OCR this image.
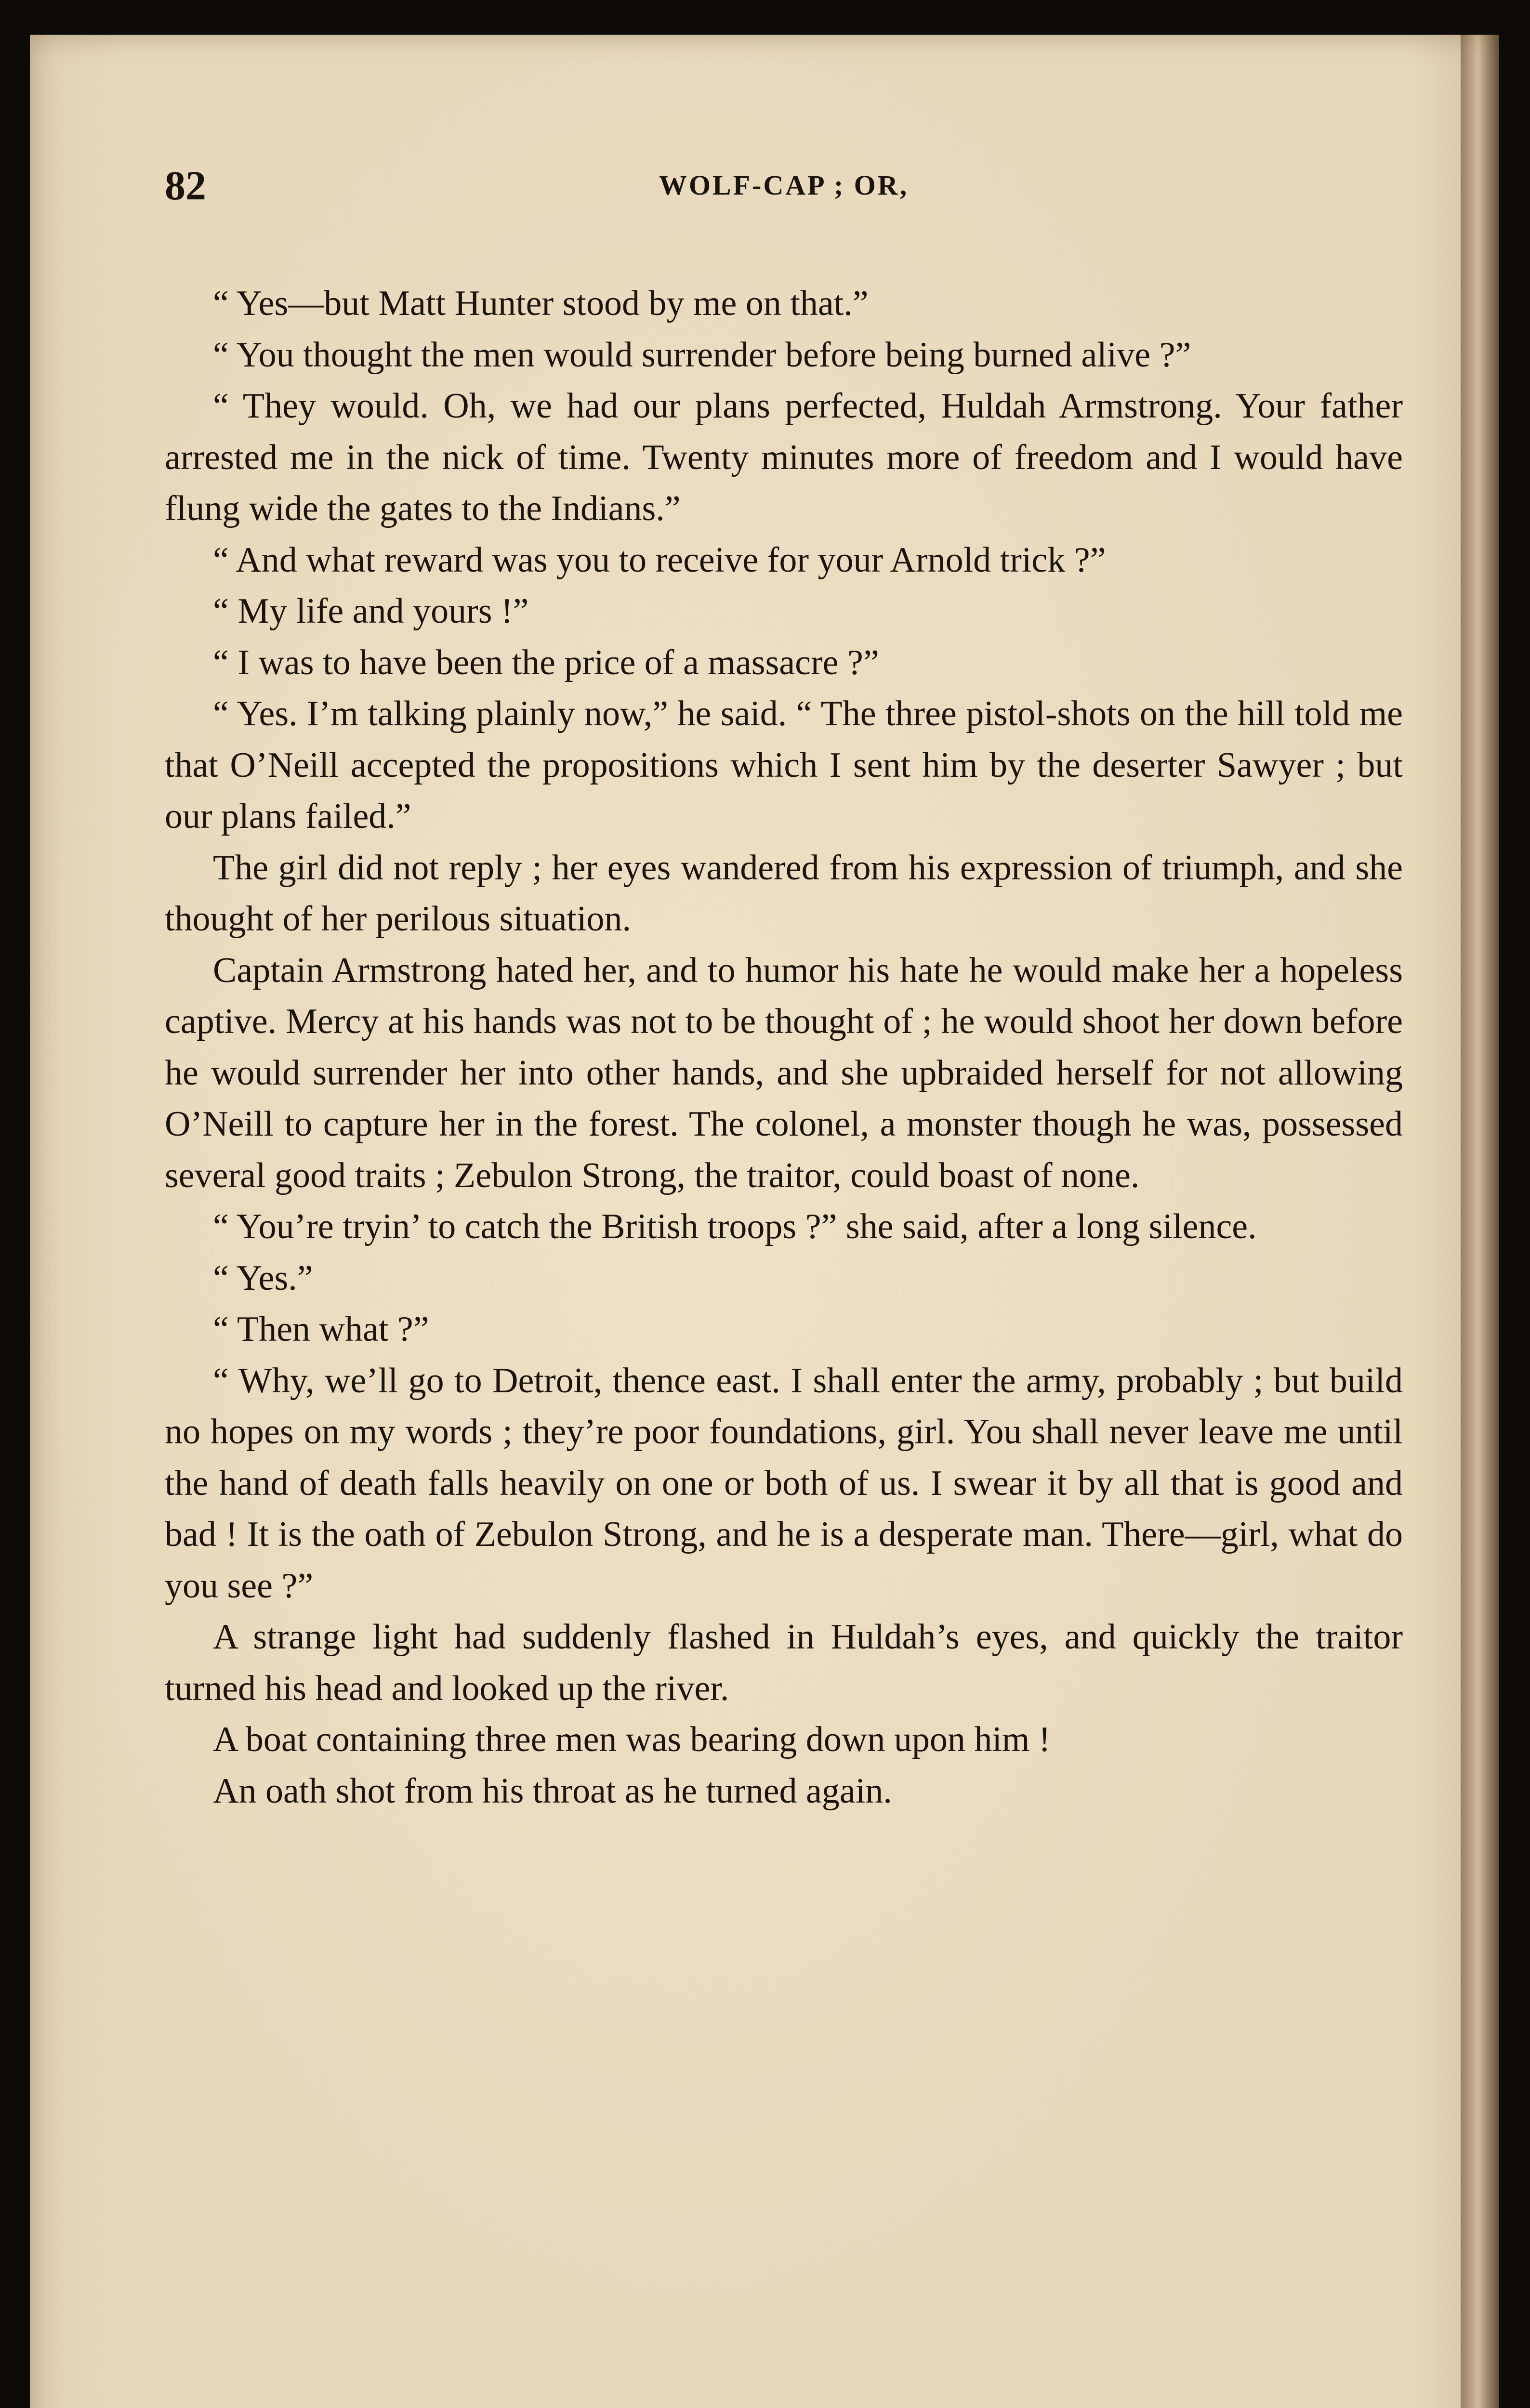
82	WOLF-CAP ; OR,

“ Yes—but Matt Hunter stood by me on that.”

“ You thought the men would surrender before being burned alive ?”

“ They would. Oh, we had our plans perfected, Huldah Armstrong. Your father arrested me in the nick of time. Twenty minutes more of freedom and I would have flung wide the gates to the Indians.”

“ And what reward was you to receive for your Arnold trick ?”

“ My life and yours !”

“ I was to have been the price of a massacre ?”

“ Yes. I’m talking plainly now,” he said. “ The three pistol-shots on the hill told me that O’Neill accepted the propositions which I sent him by the deserter Sawyer ; but our plans failed.”

The girl did not reply ; her eyes wandered from his expression of triumph, and she thought of her perilous situation.

Captain Armstrong hated her, and to humor his hate he would make her a hopeless captive. Mercy at his hands was not to be thought of ; he would shoot her down before he would surrender her into other hands, and she upbraided herself for not allowing O’Neill to capture her in the forest. The colonel, a monster though he was, possessed several good traits ; Zebulon Strong, the traitor, could boast of none.

“ You’re tryin’ to catch the British troops ?” she said, after a long silence.

“ Yes.”

“ Then what ?”

“ Why, we’ll go to Detroit, thence east. I shall enter the army, probably ; but build no hopes on my words ; they’re poor foundations, girl. You shall never leave me until the hand of death falls heavily on one or both of us. I swear it by all that is good and bad ! It is the oath of Zebulon Strong, and he is a desperate man. There—girl, what do you see ?”

A strange light had suddenly flashed in Huldah’s eyes, and quickly the traitor turned his head and looked up the river.

A boat containing three men was bearing down upon him !

An oath shot from his throat as he turned again.
